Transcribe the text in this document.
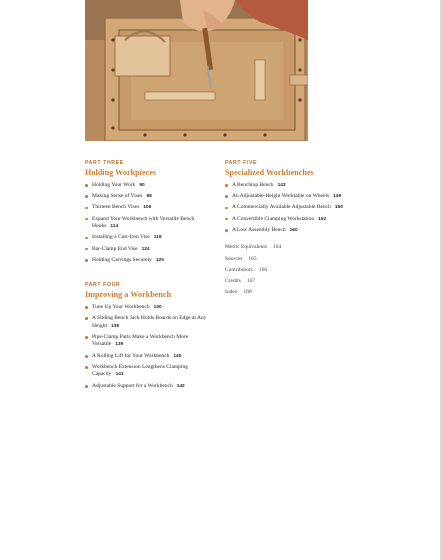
PART THREE

Holding Workpieces
Holding Your Work 90
Making Sense of Vises 98
Thirteen Bench Vises 106
Expand Your Workbench with Versatile Bench Hooks 114
Installing a Cast-Iron Vise 118
Bar-Clamp End Vise 124
Holding Carvings Securely 125

PART FOUR

Improving a Workbench
Tune Up Your Workbench 130
A Sliding Bench Jack Holds Boards on Edge at Any Height 138
Pipe-Clamp Parts Make a Workbench More Versatile 139
A Rolling Lift for Your Workbench 140
Workbench Extension Lengthens Clamping Capacity 141
Adjustable Support for a Workbench 142

PART FIVE

Specialized Workbenches
A Benchtop Bench 143
An Adjustable-Height Worktable on Wheels 149
A Commercially Available Adjustable Bench 150
A Convertible Clamping Workstation 152
A Low Assembly Bench 160
Metric Equivalents 164
Sources 165
Contributors 166
Credits 167
Index 168
